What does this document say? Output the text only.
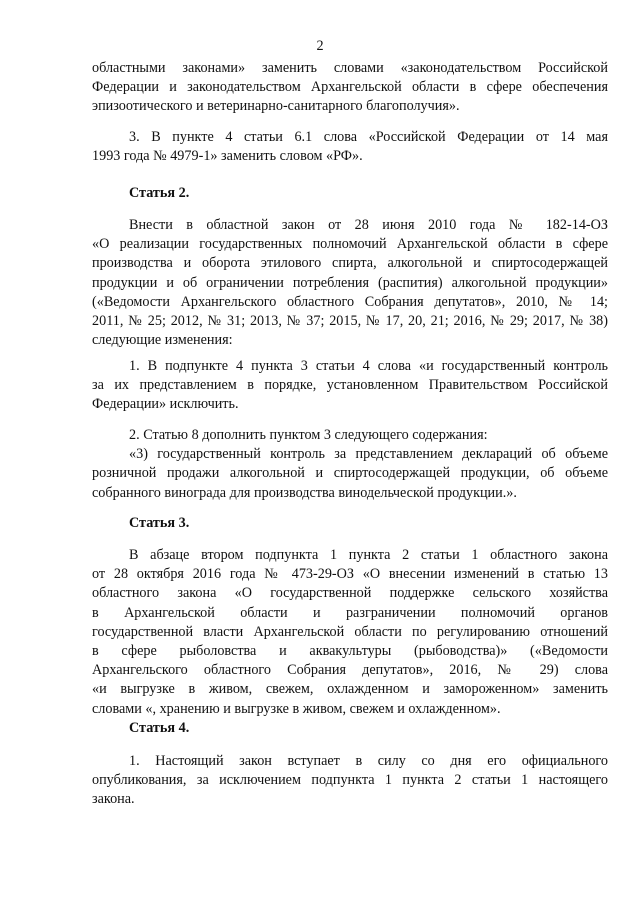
2
областными законами» заменить словами «законодательством Российской
Федерации и законодательством Архангельской области в сфере обеспечения
эпизоотического и ветеринарно-санитарного благополучия».
3. В пункте 4 статьи 6.1 слова «Российской Федерации от 14 мая
1993 года № 4979-1» заменить словом «РФ».
Статья 2.
Внести в областной закон от 28 июня 2010 года № 182-14-ОЗ
«О реализации государственных полномочий Архангельской области в сфере
производства и оборота этилового спирта, алкогольной и спиртосодержащей
продукции и об ограничении потребления (распития) алкогольной продукции»
(«Ведомости Архангельского областного Собрания депутатов», 2010, № 14;
2011, № 25; 2012, № 31; 2013, № 37; 2015, № 17, 20, 21; 2016, № 29; 2017, № 38)
следующие изменения:
1. В подпункте 4 пункта 3 статьи 4 слова «и государственный контроль
за их представлением в порядке, установленном Правительством Российской
Федерации» исключить.
2. Статью 8 дополнить пунктом 3 следующего содержания:
«3) государственный контроль за представлением деклараций об объеме
розничной продажи алкогольной и спиртосодержащей продукции, об объеме
собранного винограда для производства винодельческой продукции.».
Статья 3.
В абзаце втором подпункта 1 пункта 2 статьи 1 областного закона
от 28 октября 2016 года № 473-29-ОЗ «О внесении изменений в статью 13
областного закона «О государственной поддержке сельского хозяйства
в Архангельской области и разграничении полномочий органов
государственной власти Архангельской области по регулированию отношений
в сфере рыболовства и аквакультуры (рыбоводства)» («Ведомости
Архангельского областного Собрания депутатов», 2016, № 29) слова
«и выгрузке в живом, свежем, охлажденном и замороженном» заменить
словами «, хранению и выгрузке в живом, свежем и охлажденном».
Статья 4.
1. Настоящий закон вступает в силу со дня его официального
опубликования, за исключением подпункта 1 пункта 2 статьи 1 настоящего
закона.
